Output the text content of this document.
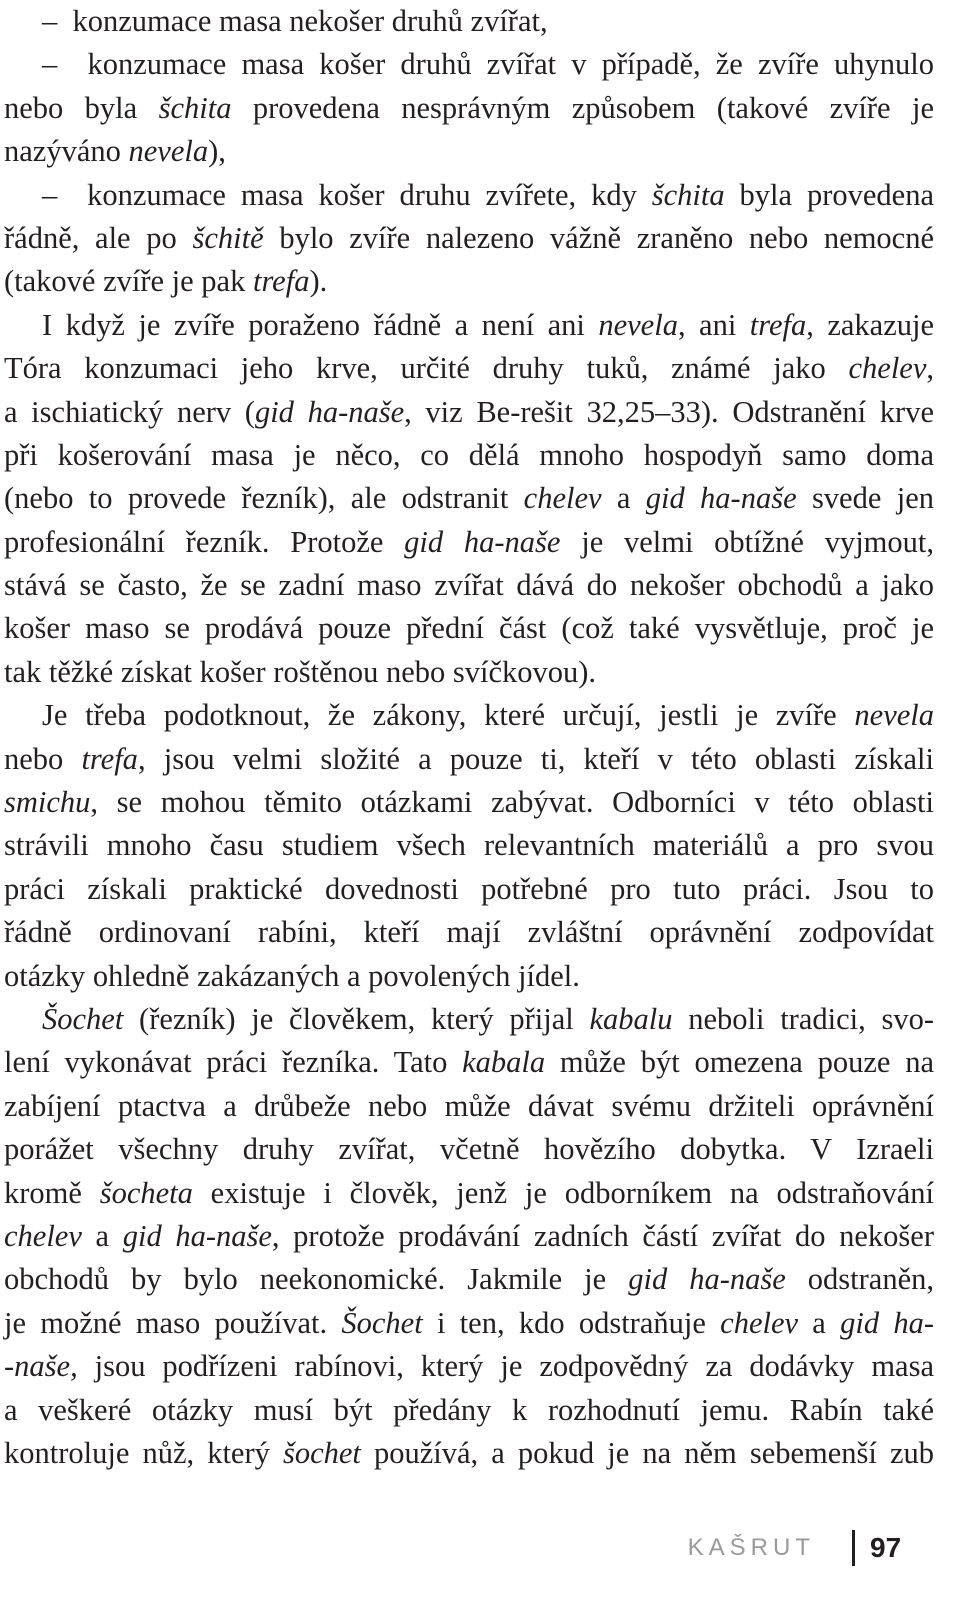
–  konzumace masa nekošer druhů zvířat,
–  konzumace masa košer druhů zvířat v případě, že zvíře uhynulo
nebo byla šchita provedena nesprávným způsobem (takové zvíře je
nazýváno nevela),
–  konzumace masa košer druhu zvířete, kdy šchita byla provedena
řádně, ale po šchitě bylo zvíře nalezeno vážně zraněno nebo nemocné
(takové zvíře je pak trefa).
I když je zvíře poraženo řádně a není ani nevela, ani trefa, zakazuje
Tóra konzumaci jeho krve, určité druhy tuků, známé jako chelev,
a ischiatický nerv (gid ha-naše, viz Be-rešit 32,25–33). Odstranění krve
při košerování masa je něco, co dělá mnoho hospodyň samo doma
(nebo to provede řezník), ale odstranit chelev a gid ha-naše svede jen
profesionální řezník. Protože gid ha-naše je velmi obtížné vyjmout,
stává se často, že se zadní maso zvířat dává do nekošer obchodů a jako
košer maso se prodává pouze přední část (což také vysvětluje, proč je
tak těžké získat košer roštěnou nebo svíčkovou).
Je třeba podotknout, že zákony, které určují, jestli je zvíře nevela
nebo trefa, jsou velmi složité a pouze ti, kteří v této oblasti získali
smichu, se mohou těmito otázkami zabývat. Odborníci v této oblasti
strávili mnoho času studiem všech relevantních materiálů a pro svou
práci získali praktické dovednosti potřebné pro tuto práci. Jsou to
řádně ordinovaní rabíni, kteří mají zvláštní oprávnění zodpovídat
otázky ohledně zakázaných a povolených jídel.
Šochet (řezník) je člověkem, který přijal kabalu neboli tradici, svo-
lení vykonávat práci řezníka. Tato kabala může být omezena pouze na
zabíjení ptactva a drůbeže nebo může dávat svému držiteli oprávnění
porážet všechny druhy zvířat, včetně hovězího dobytka. V Izraeli
kromě šocheta existuje i člověk, jenž je odborníkem na odstraňování
chelev a gid ha-naše, protože prodávání zadních částí zvířat do nekošer
obchodů by bylo neekonomické. Jakmile je gid ha-naše odstraněn,
je možné maso používat. Šochet i ten, kdo odstraňuje chelev a gid ha-
-naše, jsou podřízeni rabínovi, který je zodpovědný za dodávky masa
a veškeré otázky musí být předány k rozhodnutí jemu. Rabín také
kontroluje nůž, který šochet používá, a pokud je na něm sebemenší zub
KAŠRUT 97
